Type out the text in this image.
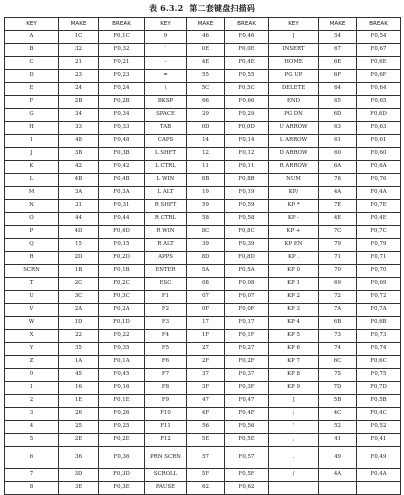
表 6.3.2 第二套键盘扫描码
KEY	MAKE	BREAK	KEY	MAKE	BREAK	KEY	MAKE	BREAK
A	1C	F0,1C	9	46	F0,46	[	54	F0,54
B	32	F0,32	`	0E	F0,0E	INSERT	67	F0,67
C	21	F0,21	-	4E	F0,4E	HOME	6E	F0,6E
D	23	F0,23	=	55	F0,55	PG UP	6F	F0,6F
E	24	F0,24	\	5C	F0,5C	DELETE	64	F0,64
F	2B	F0,2B	BKSP	66	F0,66	END	65	F0,65
G	34	F0,34	SPACE	29	F0,29	PG DN	6D	F0,6D
H	33	F0,33	TAB	0D	F0,0D	U ARROW	63	F0,63
I	48	F0,48	CAPS	14	F0,14	L ARROW	61	F0,61
J	3B	F0,3B	L SHFT	12	F0,12	D ARROW	60	F0,60
K	42	F0,42	L CTRL	11	F0,11	R ARROW	6A	F0,6A
L	4B	F0,4B	L WIN	8B	F0,8B	NUM	76	F0,76
M	3A	F0,3A	L ALT	19	F0,19	KP/	4A	F0,4A
N	31	F0,31	R SHFT	59	F0,59	KP *	7E	F0,7E
O	44	F0,44	R CTRL	58	F0,58	KP -	4E	F0,4E
P	4D	F0,4D	R WIN	8C	F0,8C	KP +	7C	F0,7C
Q	15	F0,15	R ALT	39	F0,39	KP EN	79	F0,79
R	2D	F0,2D	APPS	8D	F0,8D	KP .	71	F0,71
SCRN	1B	F0,1B	ENTER	5A	F0,5A	KP 0	70	F0,70
T	2C	F0,2C	ESC	08	F0,08	KP 1	69	F0,69
U	3C	F0,3C	F1	07	F0,07	KP 2	72	F0,72
V	2A	F0,2A	F2	0F	F0,0F	KP 3	7A	F0,7A
W	1D	F0,1D	F3	17	F0,17	KP 4	6B	F0,6B
X	22	F0,22	F4	1F	F0,1F	KP 5	73	F0,73
Y	35	F0,35	F5	27	F0,27	KP 6	74	F0,74
Z	1A	F0,1A	F6	2F	F0,2F	KP 7	6C	F0,6C
0	45	F0,45	F7	37	F0,37	KP 8	75	F0,75
1	16	F0,16	F8	3F	F0,3F	KP 9	7D	F0,7D
2	1E	F0,1E	F9	47	F0,47	]	5B	F0,5B
3	26	F0,26	F10	4F	F0,4F	;	4C	F0,4C
4	25	F0,25	F11	56	F0,56	'	52	F0,52
5	2E	F0,2E	F12	5E	F0,5E	,	41	F0,41
6	36	F0,36	PRN SCRN	57	F0,57	.	49	F0,49
7	3D	F0,3D	SCROLL	5F	F0,5F	/	4A	F0,4A
8	3E	F0,3E	PAUSE	62	F0,62			
